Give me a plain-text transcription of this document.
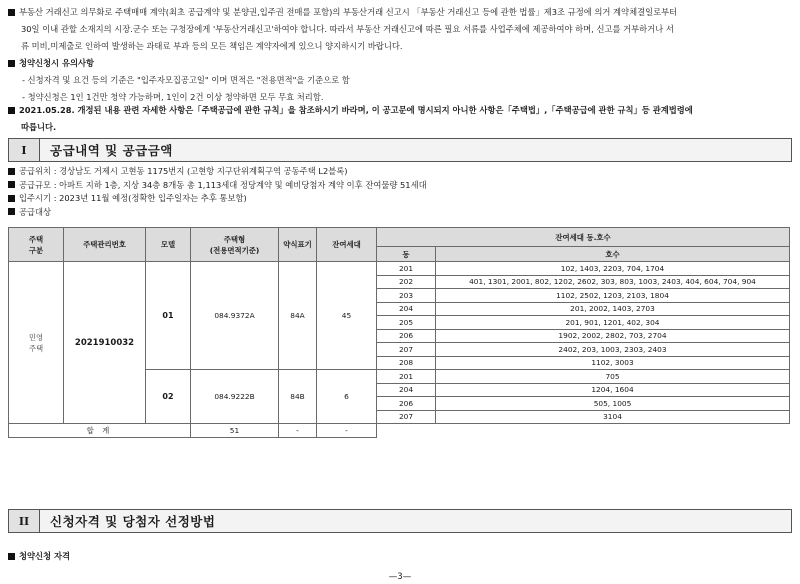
부동산 거래신고 의무화로 주택매매 계약(최초 공급계약 및 분양권,입주권 전매를 포함)의 부동산거래 신고시 「부동산 거래신고 등에 관한 법률」제3조 규정에 의거 계약체결일로부터
30일 이내 관할 소재지의 시장.군수 또는 구청장에게 '부동산거래신고'하여야 합니다. 따라서 부동산 거래신고에 따른 필요 서류를 사업주체에 제공하여야 하며, 신고를 거부하거나 서
류 미비,미제출로 인하여 발생하는 과태료 부과 등의 모든 책임은 계약자에게 있으니 양지하시기 바랍니다.
청약신청시 유의사항
- 신청자격 및 요건 등의 기준은 "입주자모집공고일" 이며 면적은 "전용면적"을 기준으로 함
- 청약신청은 1인 1건만 청약 가능하며, 1인이 2건 이상 청약하면 모두 무효 처리함.
2021.05.28. 개정된 내용 관련 자세한 사항은「주택공급에 관한 규칙」을 참조하시기 바라며, 이 공고문에 명시되지 아니한 사항은「주택법」,「주택공급에 관한 규칙」등 관계법령에
따릅니다.
I	공급내역 및 공급금액
공급위치 : 경상남도 거제시 고현동 1175번지 (고현항 지구단위계획구역 공동주택 L2블록)
공급규모 : 아파트 지하 1층, 지상 34층 8개동 총 1,113세대 정당계약 및 예비당첨자 계약 이후 잔여물량 51세대
입주시기 : 2023년 11월 예정(정확한 입주일자는 추후 통보함)
공급대상
주택
구분	주택관리번호	모델	주택형
(전용면적기준)	약식표기	잔여세대	잔여세대 동.호수	
						동	호수
민영
주택	2021910032	01	084.9372A	84A	45	201	102, 1403, 2203, 704, 1704
						202	401, 1301, 2001, 802, 1202, 2602, 303, 803, 1003, 2403, 404, 604, 704, 904
						203	1102, 2502, 1203, 2103, 1804
						204	201, 2002, 1403, 2703
						205	201, 901, 1201, 402, 304
						206	1902, 2002, 2802, 703, 2704
						207	2402, 203, 1003, 2303, 2403
						208	1102, 3003
		02	084.9222B	84B	6	201	705
						204	1204, 1604
						206	505, 1005
						207	3104
합 계			51	-	-		
II	신청자격 및 당첨자 선정방법
청약신청 자격
—3—
